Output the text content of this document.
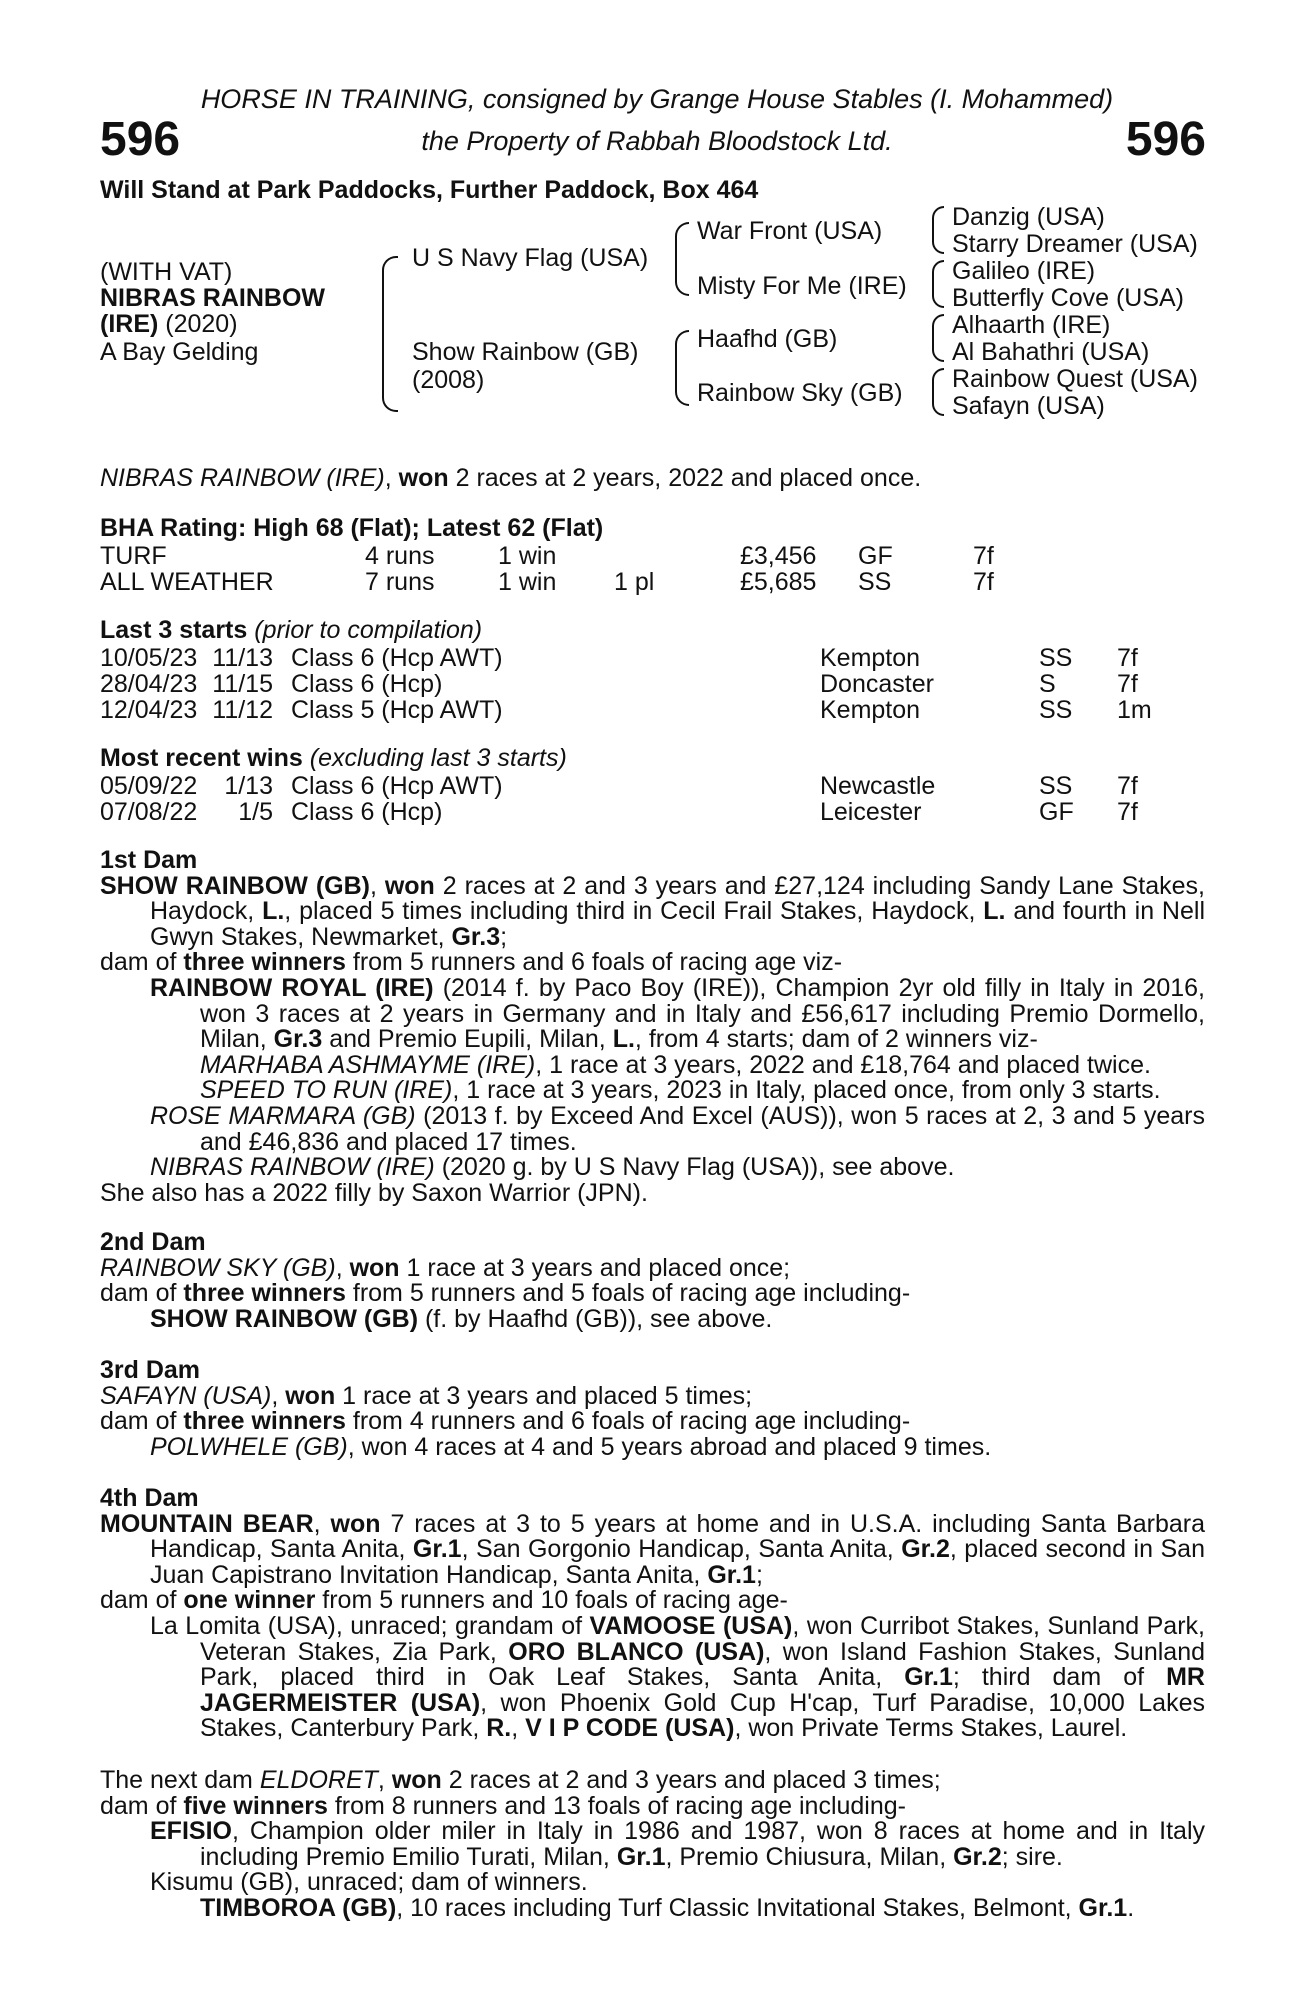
HORSE IN TRAINING, consigned by Grange House Stables (I. Mohammed)
the Property of Rabbah Bloodstock Ltd.
596	596
Will Stand at Park Paddocks, Further Paddock, Box 464
(WITH VAT)
NIBRAS RAINBOW
(IRE) (2020)
A Bay Gelding
U S Navy Flag (USA)
Show Rainbow (GB)
(2008)
War Front (USA)
Misty For Me (IRE)
Haafhd (GB)
Rainbow Sky (GB)
Danzig (USA)
Starry Dreamer (USA)
Galileo (IRE)
Butterfly Cove (USA)
Alhaarth (IRE)
Al Bahathri (USA)
Rainbow Quest (USA)
Safayn (USA)
NIBRAS RAINBOW (IRE), won 2 races at 2 years, 2022 and placed once.
BHA Rating: High 68 (Flat); Latest 62 (Flat)
TURF	4 runs	1 win	£3,456 GF	7f
ALL WEATHER	7 runs	1 win 1 pl	£5,685 SS	7f
Last 3 starts (prior to compilation)
10/05/23 11/13 Class 6 (Hcp AWT)	Kempton	SS 7f
28/04/23 11/15 Class 6 (Hcp)	Doncaster	S 7f
12/04/23 11/12 Class 5 (Hcp AWT)	Kempton	SS 1m
Most recent wins (excluding last 3 starts)
05/09/22	1/13 Class 6 (Hcp AWT)	Newcastle	SS 7f
07/08/22	1/5 Class 6 (Hcp)	Leicester	GF 7f

1st Dam

SHOW RAINBOW (GB), won 2 races at 2 and 3 years and £27,124 including Sandy Lane Stakes, Haydock, L., placed 5 times including third in Cecil Frail Stakes, Haydock, L. and fourth in Nell Gwyn Stakes, Newmarket, Gr.3;

dam of three winners from 5 runners and 6 foals of racing age viz-

RAINBOW ROYAL (IRE) (2014 f. by Paco Boy (IRE)), Champion 2yr old filly in Italy in 2016, won 3 races at 2 years in Germany and in Italy and £56,617 including Premio Dormello, Milan, Gr.3 and Premio Eupili, Milan, L., from 4 starts; dam of 2 winners viz-

MARHABA ASHMAYME (IRE), 1 race at 3 years, 2022 and £18,764 and placed twice.

SPEED TO RUN (IRE), 1 race at 3 years, 2023 in Italy, placed once, from only 3 starts.

ROSE MARMARA (GB) (2013 f. by Exceed And Excel (AUS)), won 5 races at 2, 3 and 5 years and £46,836 and placed 17 times.

NIBRAS RAINBOW (IRE) (2020 g. by U S Navy Flag (USA)), see above.

She also has a 2022 filly by Saxon Warrior (JPN).

2nd Dam

RAINBOW SKY (GB), won 1 race at 3 years and placed once;

dam of three winners from 5 runners and 5 foals of racing age including-

SHOW RAINBOW (GB) (f. by Haafhd (GB)), see above.

3rd Dam

SAFAYN (USA), won 1 race at 3 years and placed 5 times;

dam of three winners from 4 runners and 6 foals of racing age including-

POLWHELE (GB), won 4 races at 4 and 5 years abroad and placed 9 times.

4th Dam

MOUNTAIN BEAR, won 7 races at 3 to 5 years at home and in U.S.A. including Santa Barbara Handicap, Santa Anita, Gr.1, San Gorgonio Handicap, Santa Anita, Gr.2, placed second in San Juan Capistrano Invitation Handicap, Santa Anita, Gr.1;

dam of one winner from 5 runners and 10 foals of racing age-

La Lomita (USA), unraced; grandam of VAMOOSE (USA), won Curribot Stakes, Sunland Park, Veteran Stakes, Zia Park, ORO BLANCO (USA), won Island Fashion Stakes, Sunland Park, placed third in Oak Leaf Stakes, Santa Anita, Gr.1; third dam of MR JAGERMEISTER (USA), won Phoenix Gold Cup H'cap, Turf Paradise, 10,000 Lakes Stakes, Canterbury Park, R., V I P CODE (USA), won Private Terms Stakes, Laurel.

The next dam ELDORET, won 2 races at 2 and 3 years and placed 3 times;

dam of five winners from 8 runners and 13 foals of racing age including-

EFISIO, Champion older miler in Italy in 1986 and 1987, won 8 races at home and in Italy including Premio Emilio Turati, Milan, Gr.1, Premio Chiusura, Milan, Gr.2; sire.

Kisumu (GB), unraced; dam of winners.

TIMBOROA (GB), 10 races including Turf Classic Invitational Stakes, Belmont, Gr.1.
